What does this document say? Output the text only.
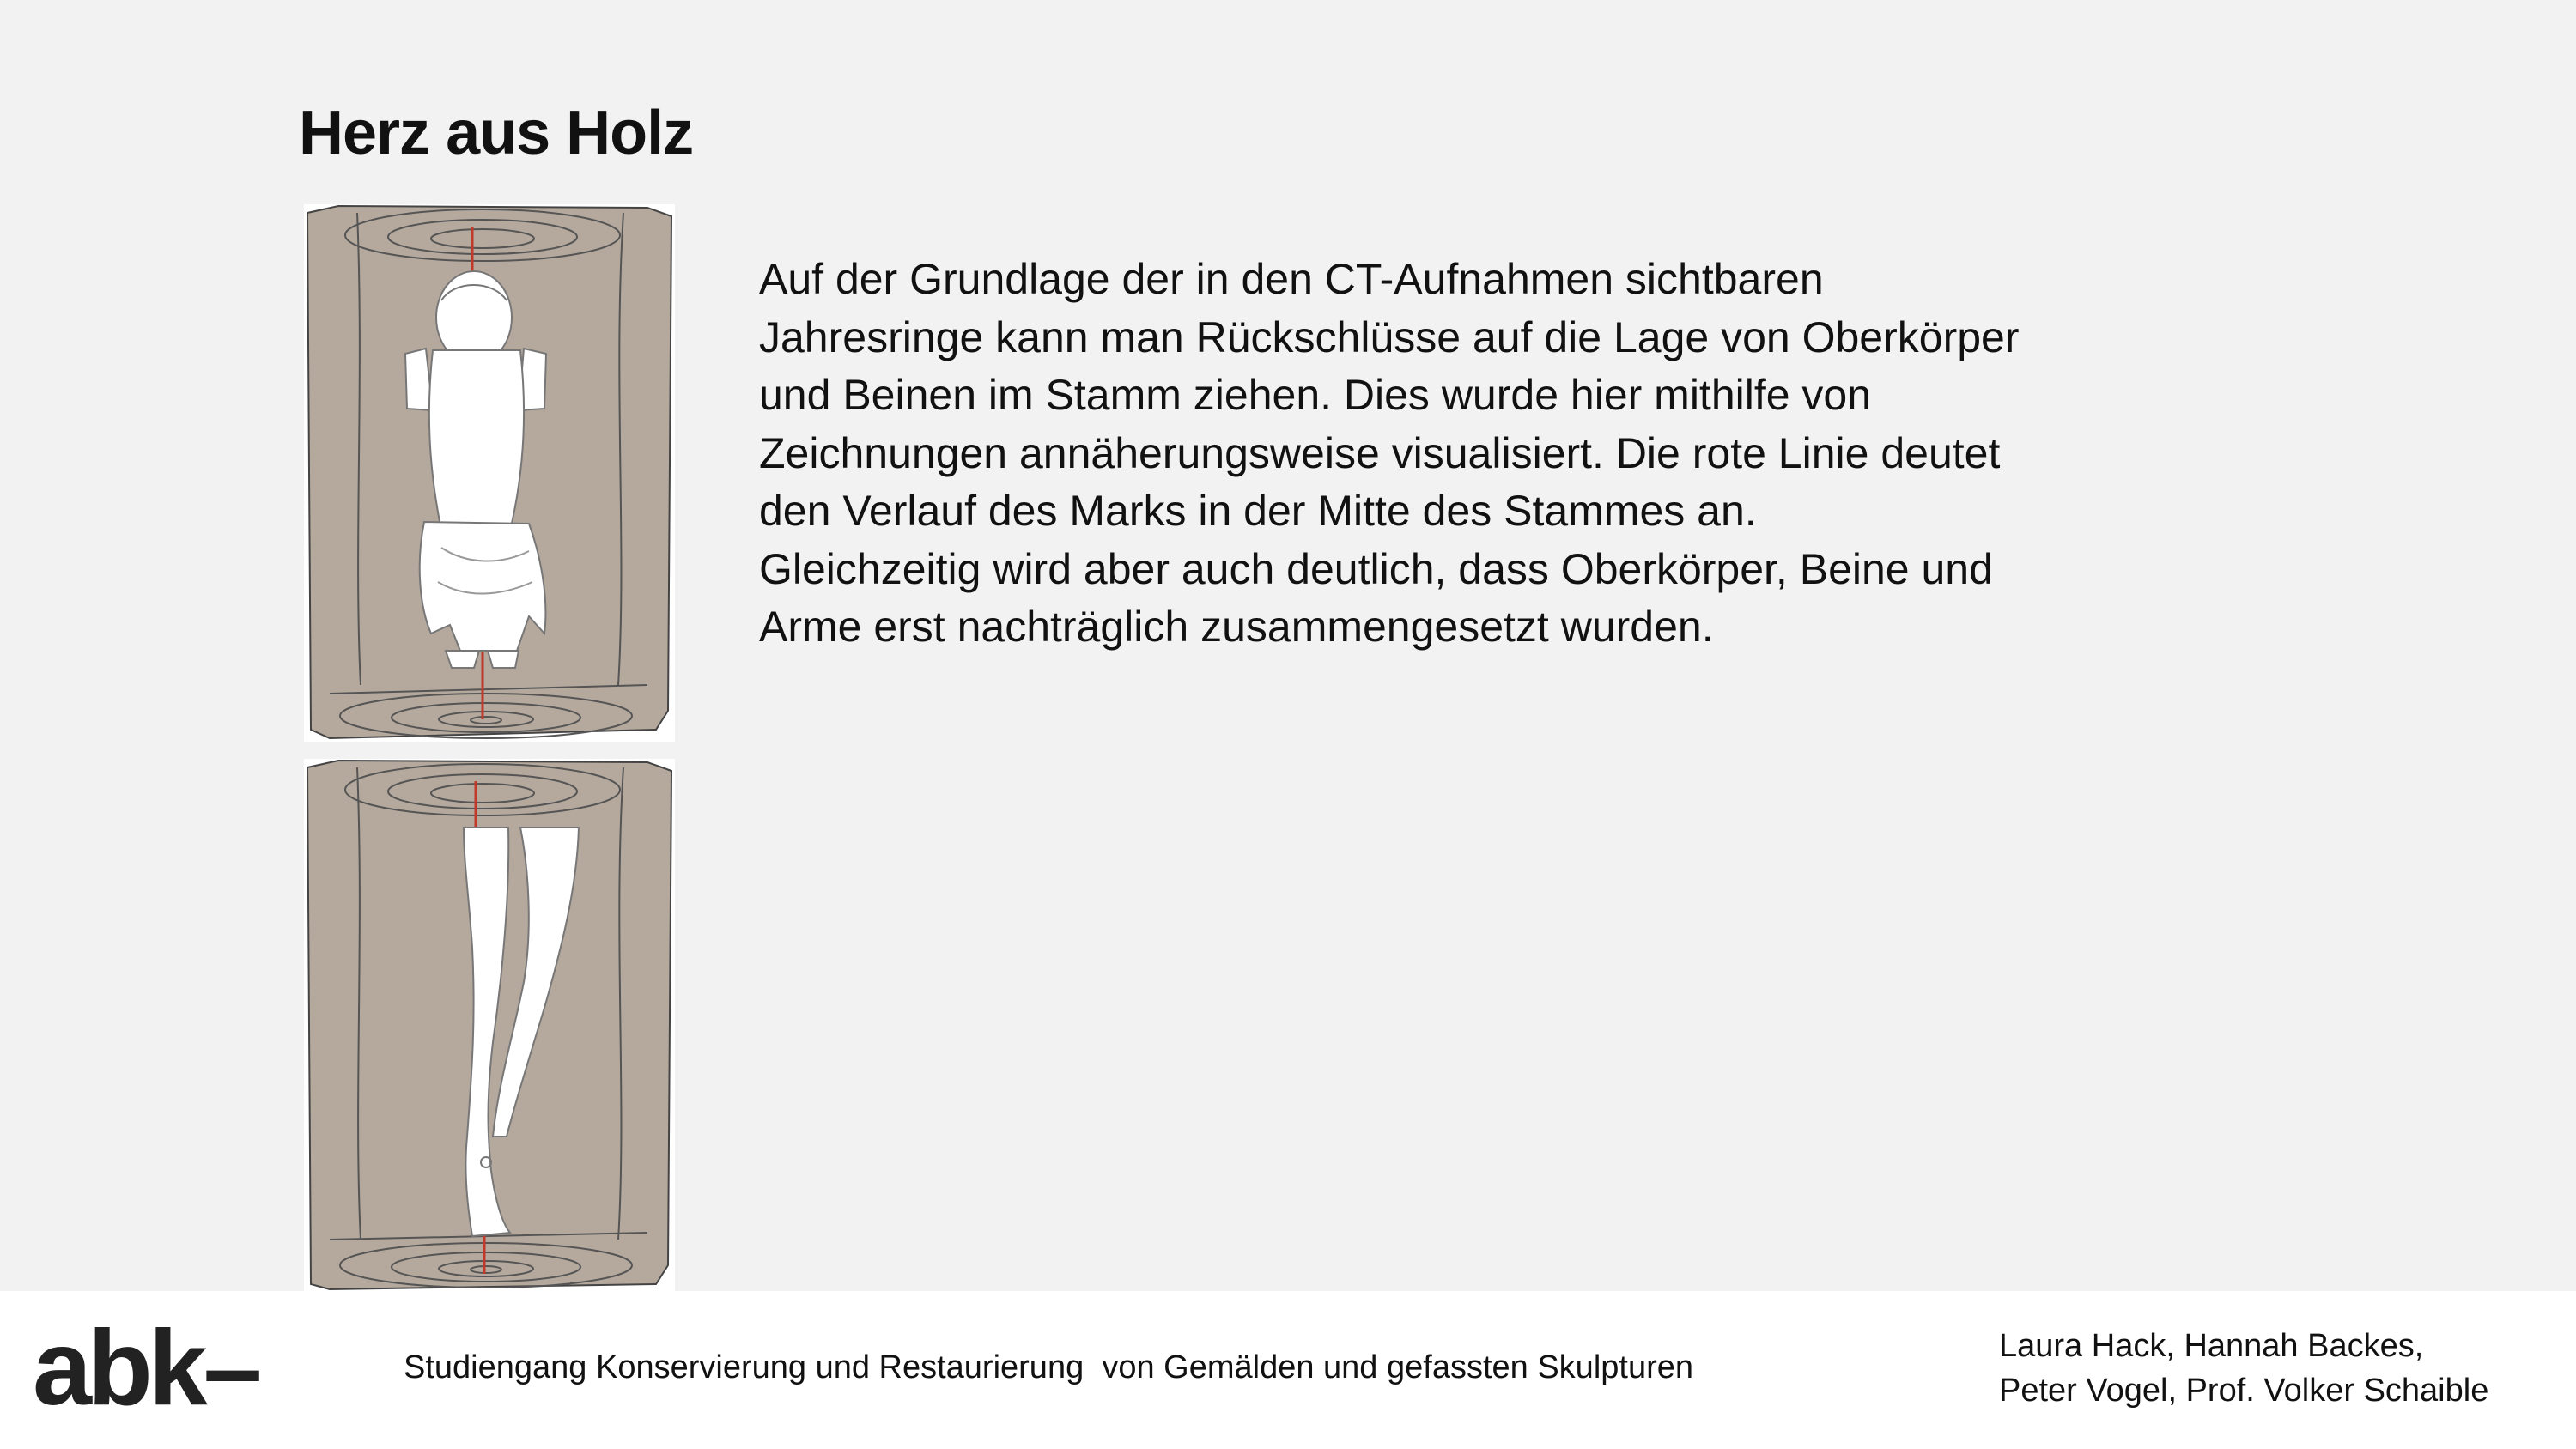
Herz aus Holz

Auf der Grundlage der in den CT-Aufnahmen sichtbaren
Jahresringe kann man Rückschlüsse auf die Lage von Oberkörper
und Beinen im Stamm ziehen. Dies wurde hier mithilfe von
Zeichnungen annäherungsweise visualisiert. Die rote Linie deutet
den Verlauf des Marks in der Mitte des Stammes an.
Gleichzeitig wird aber auch deutlich, dass Oberkörper, Beine und
Arme erst nachträglich zusammengesetzt wurden.

abk–	Studiengang Konservierung und Restaurierung  von Gemälden und gefassten Skulpturen
Laura Hack, Hannah Backes,
Peter Vogel, Prof. Volker Schaible
